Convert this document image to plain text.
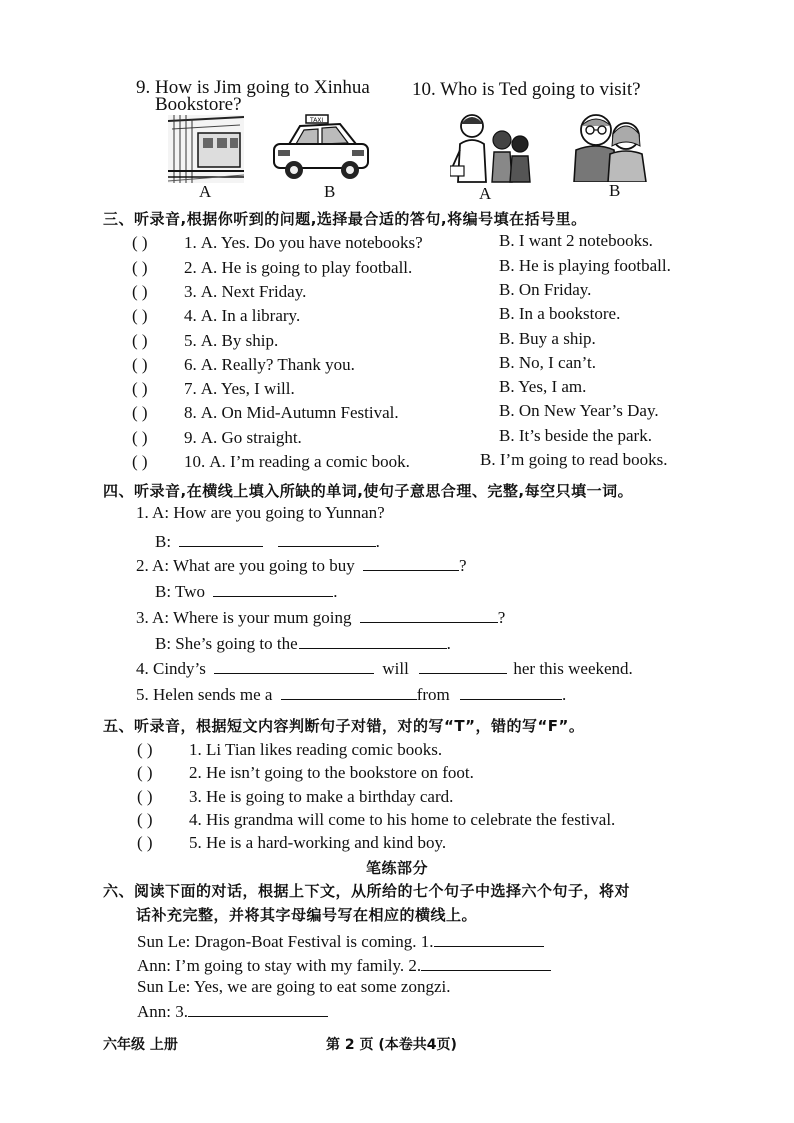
9. How is Jim going to Xinhua
Bookstore?
10. Who is Ted going to visit?
TAXI
A	B	A	B
三、听录音,根据你听到的问题,选择最合适的答句,将编号填在括号里。
( ) 1. A. Yes. Do you have notebooks?	B. I want 2 notebooks.
( ) 2. A. He is going to play football.	B. He is playing football.
( ) 3. A. Next Friday.	B. On Friday.
( ) 4. A. In a library.	B. In a bookstore.
( ) 5. A. By ship.	B. Buy a ship.
( ) 6. A. Really? Thank you.	B. No, I can’t.
( ) 7. A. Yes, I will.	B. Yes, I am.
( ) 8. A. On Mid-Autumn Festival.	B. On New Year’s Day.
( ) 9. A. Go straight.	B. It’s beside the park.
( ) 10. A. I’m reading a comic book.	B. I’m going to read books.
四、听录音,在横线上填入所缺的单词,使句子意思合理、完整,每空只填一词。
1. A: How are you going to Yunnan?
B:	.
2. A: What are you going to buy	?
B: Two	.
3. A: Where is your mum going	?
B: She’s going to the	.
4. Cindy’s	will	her this weekend.
5. Helen sends me a	from	.
五、听录音，根据短文内容判断句子对错，对的写“T”，错的写“F”。
( ) 1. Li Tian likes reading comic books.
( ) 2. He isn’t going to the bookstore on foot.
( ) 3. He is going to make a birthday card.
( ) 4. His grandma will come to his home to celebrate the festival.
( ) 5. He is a hard-working and kind boy.
笔练部分
六、阅读下面的对话，根据上下文，从所给的七个句子中选择六个句子，将对
话补充完整，并将其字母编号写在相应的横线上。
Sun Le: Dragon-Boat Festival is coming. 1.
Ann: I’m going to stay with my family. 2.
Sun Le: Yes, we are going to eat some zongzi.
Ann: 3.
六年级 上册	第 2 页 (本卷共4页)
